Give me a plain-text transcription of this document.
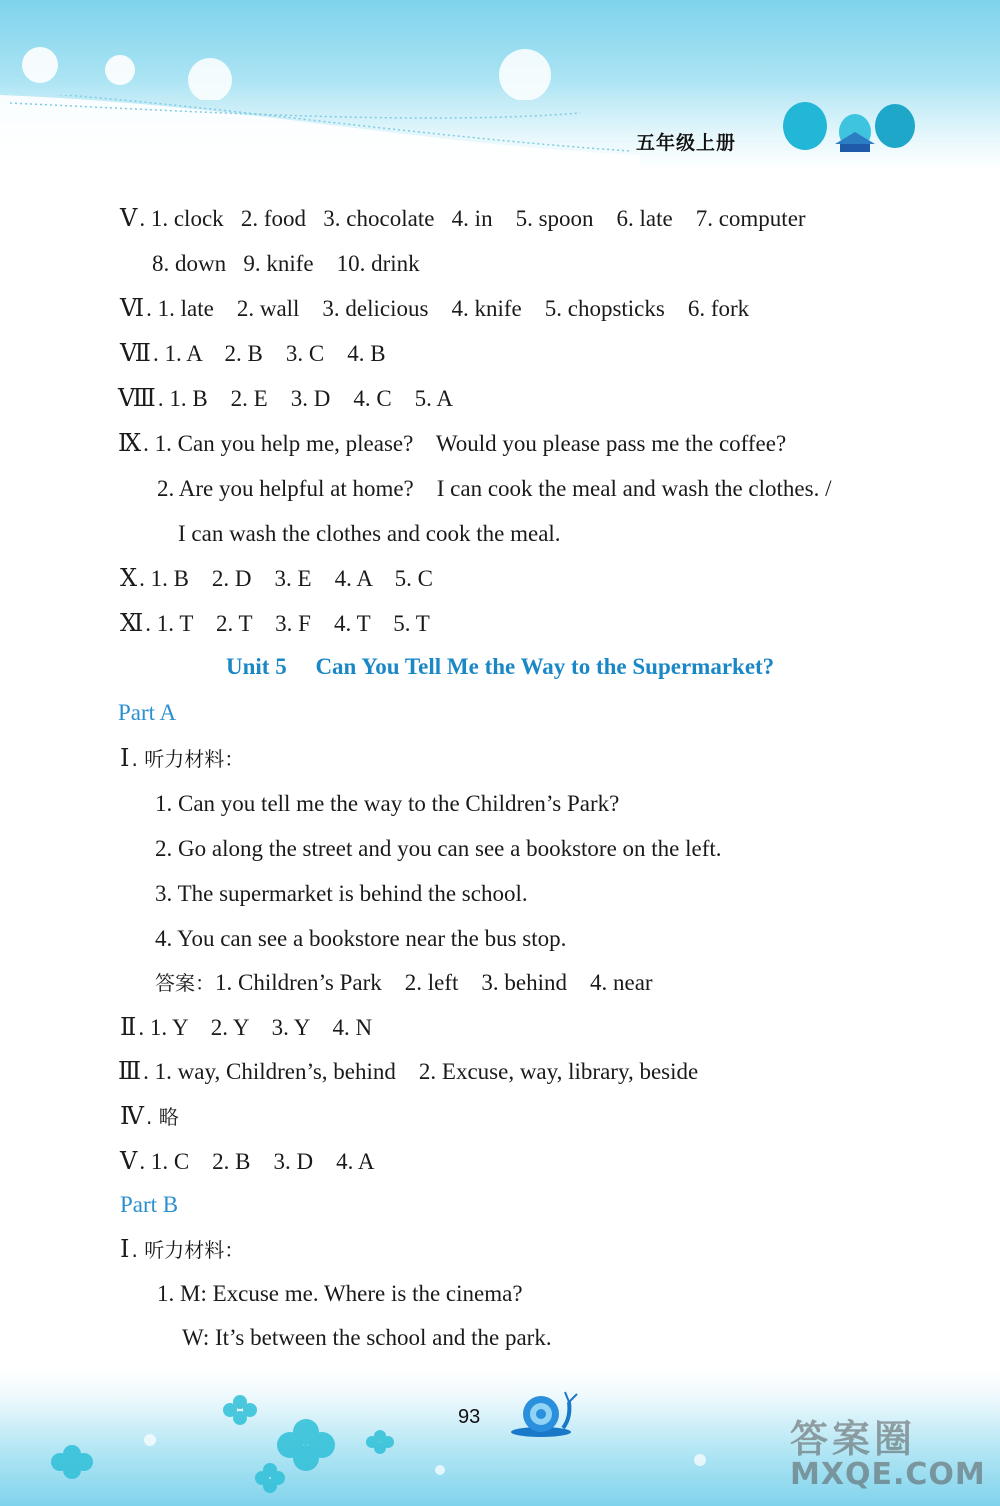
五年级上册
Ⅴ. 1. clock   2. food   3. chocolate   4. in    5. spoon    6. late    7. computer
8. down   9. knife    10. drink
Ⅵ. 1. late    2. wall    3. delicious    4. knife    5. chopsticks    6. fork
Ⅶ. 1. A    2. B    3. C    4. B
Ⅷ. 1. B    2. E    3. D    4. C    5. A
Ⅸ. 1. Can you help me, please?    Would you please pass me the coffee?
2. Are you helpful at home?    I can cook the meal and wash the clothes. /
I can wash the clothes and cook the meal.
Ⅹ. 1. B    2. D    3. E    4. A    5. C
Ⅺ. 1. T    2. T    3. F    4. T    5. T
Unit 5     Can You Tell Me the Way to the Supermarket?
Part A
Ⅰ . 听力材料：
1. Can you tell me the way to the Children’s Park?
2. Go along the street and you can see a bookstore on the left.
3. The supermarket is behind the school.
4. You can see a bookstore near the bus stop.
答案：1. Children’s Park    2. left    3. behind    4. near
Ⅱ. 1. Y    2. Y    3. Y    4. N
Ⅲ. 1. way, Children’s, behind    2. Excuse, way, library, beside
Ⅳ . 略
Ⅴ. 1. C    2. B    3. D    4. A
Part B
Ⅰ . 听力材料：
1. M: Excuse me. Where is the cinema?
W: It’s between the school and the park.
93	答案圈
MXQE.COM
